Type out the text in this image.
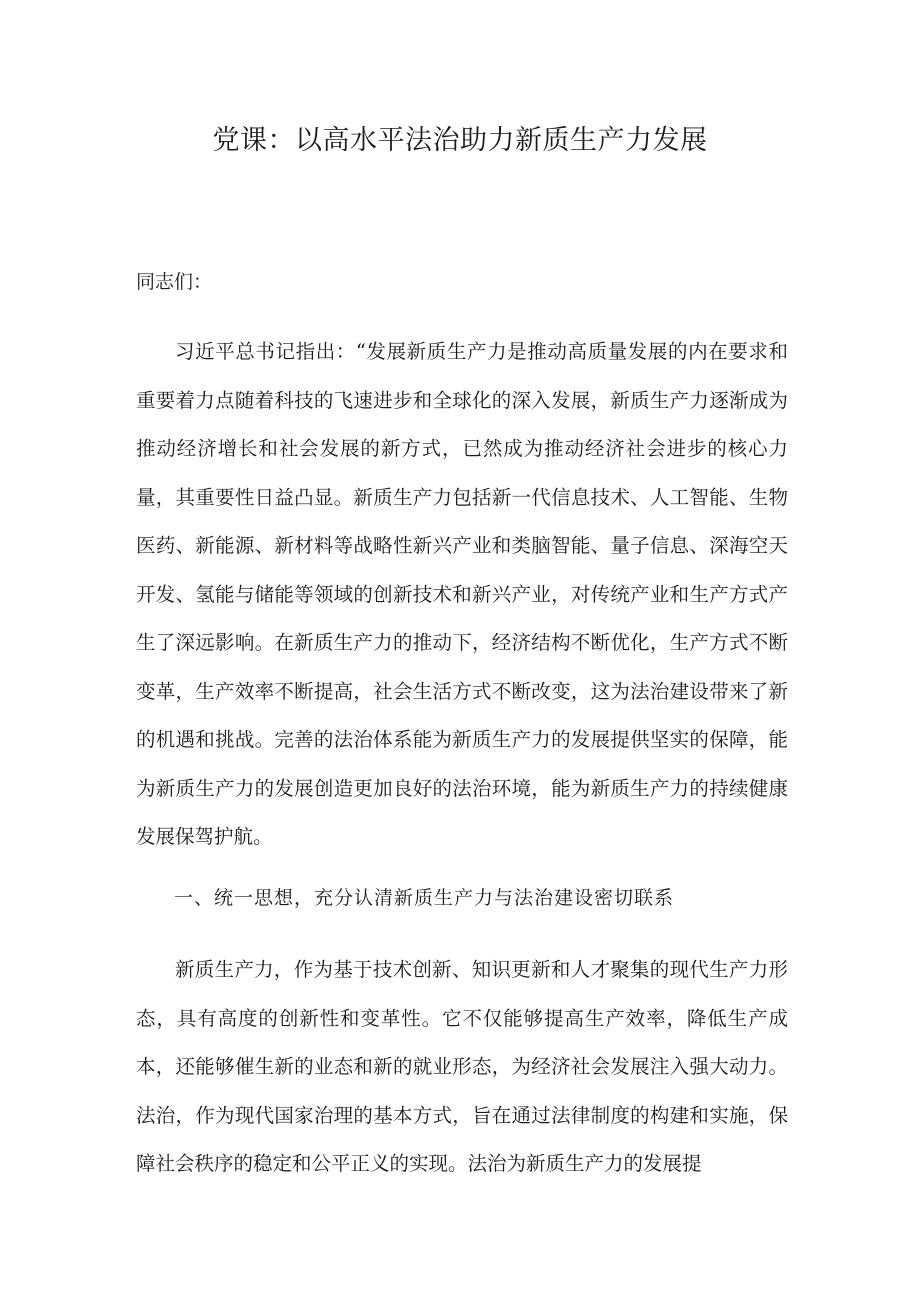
党课：以高水平法治助力新质生产力发展

同志们：

习近平总书记指出：“发展新质生产力是推动高质量发展的内在要求和重要着力点随着科技的飞速进步和全球化的深入发展，新质生产力逐渐成为推动经济增长和社会发展的新方式，已然成为推动经济社会进步的核心力量，其重要性日益凸显。新质生产力包括新一代信息技术、人工智能、生物医药、新能源、新材料等战略性新兴产业和类脑智能、量子信息、深海空天开发、氢能与储能等领域的创新技术和新兴产业，对传统产业和生产方式产生了深远影响。在新质生产力的推动下，经济结构不断优化，生产方式不断变革，生产效率不断提高，社会生活方式不断改变，这为法治建设带来了新的机遇和挑战。完善的法治体系能为新质生产力的发展提供坚实的保障，能为新质生产力的发展创造更加良好的法治环境，能为新质生产力的持续健康发展保驾护航。

一、统一思想，充分认清新质生产力与法治建设密切联系

新质生产力，作为基于技术创新、知识更新和人才聚集的现代生产力形态，具有高度的创新性和变革性。它不仅能够提高生产效率，降低生产成本，还能够催生新的业态和新的就业形态，为经济社会发展注入强大动力。法治，作为现代国家治理的基本方式，旨在通过法律制度的构建和实施，保障社会秩序的稳定和公平正义的实现。法治为新质生产力的发展提
